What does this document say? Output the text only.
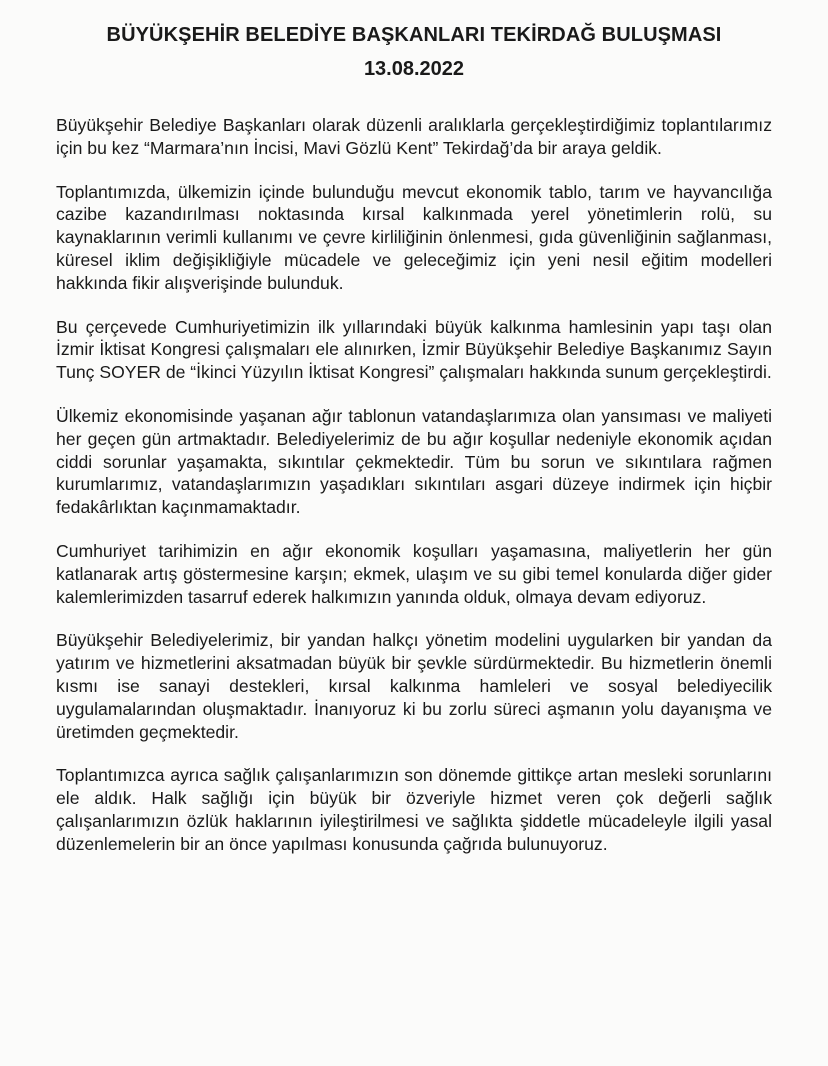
BÜYÜKŞEHİR BELEDİYE BAŞKANLARI TEKİRDAĞ BULUŞMASI
13.08.2022

Büyükşehir Belediye Başkanları olarak düzenli aralıklarla gerçekleştirdiğimiz toplantılarımız için bu kez “Marmara’nın İncisi, Mavi Gözlü Kent” Tekirdağ’da bir araya geldik.

Toplantımızda, ülkemizin içinde bulunduğu mevcut ekonomik tablo, tarım ve hayvancılığa cazibe kazandırılması noktasında kırsal kalkınmada yerel yönetimlerin rolü, su kaynaklarının verimli kullanımı ve çevre kirliliğinin önlenmesi, gıda güvenliğinin sağlanması, küresel iklim değişikliğiyle mücadele ve geleceğimiz için yeni nesil eğitim modelleri hakkında fikir alışverişinde bulunduk.

Bu çerçevede Cumhuriyetimizin ilk yıllarındaki büyük kalkınma hamlesinin yapı taşı olan İzmir İktisat Kongresi çalışmaları ele alınırken, İzmir Büyükşehir Belediye Başkanımız Sayın Tunç SOYER de “İkinci Yüzyılın İktisat Kongresi” çalışmaları hakkında sunum gerçekleştirdi.

Ülkemiz ekonomisinde yaşanan ağır tablonun vatandaşlarımıza olan yansıması ve maliyeti her geçen gün artmaktadır. Belediyelerimiz de bu ağır koşullar nedeniyle ekonomik açıdan ciddi sorunlar yaşamakta, sıkıntılar çekmektedir. Tüm bu sorun ve sıkıntılara rağmen kurumlarımız, vatandaşlarımızın yaşadıkları sıkıntıları asgari düzeye indirmek için hiçbir fedakârlıktan kaçınmamaktadır.

Cumhuriyet tarihimizin en ağır ekonomik koşulları yaşamasına, maliyetlerin her gün katlanarak artış göstermesine karşın; ekmek, ulaşım ve su gibi temel konularda diğer gider kalemlerimizden tasarruf ederek halkımızın yanında olduk, olmaya devam ediyoruz.

Büyükşehir Belediyelerimiz, bir yandan halkçı yönetim modelini uygularken bir yandan da yatırım ve hizmetlerini aksatmadan büyük bir şevkle sürdürmektedir. Bu hizmetlerin önemli kısmı ise sanayi destekleri, kırsal kalkınma hamleleri ve sosyal belediyecilik uygulamalarından oluşmaktadır. İnanıyoruz ki bu zorlu süreci aşmanın yolu dayanışma ve üretimden geçmektedir.

Toplantımızca ayrıca sağlık çalışanlarımızın son dönemde gittikçe artan mesleki sorunlarını ele aldık. Halk sağlığı için büyük bir özveriyle hizmet veren çok değerli sağlık çalışanlarımızın özlük haklarının iyileştirilmesi ve sağlıkta şiddetle mücadeleyle ilgili yasal düzenlemelerin bir an önce yapılması konusunda çağrıda bulunuyoruz.
